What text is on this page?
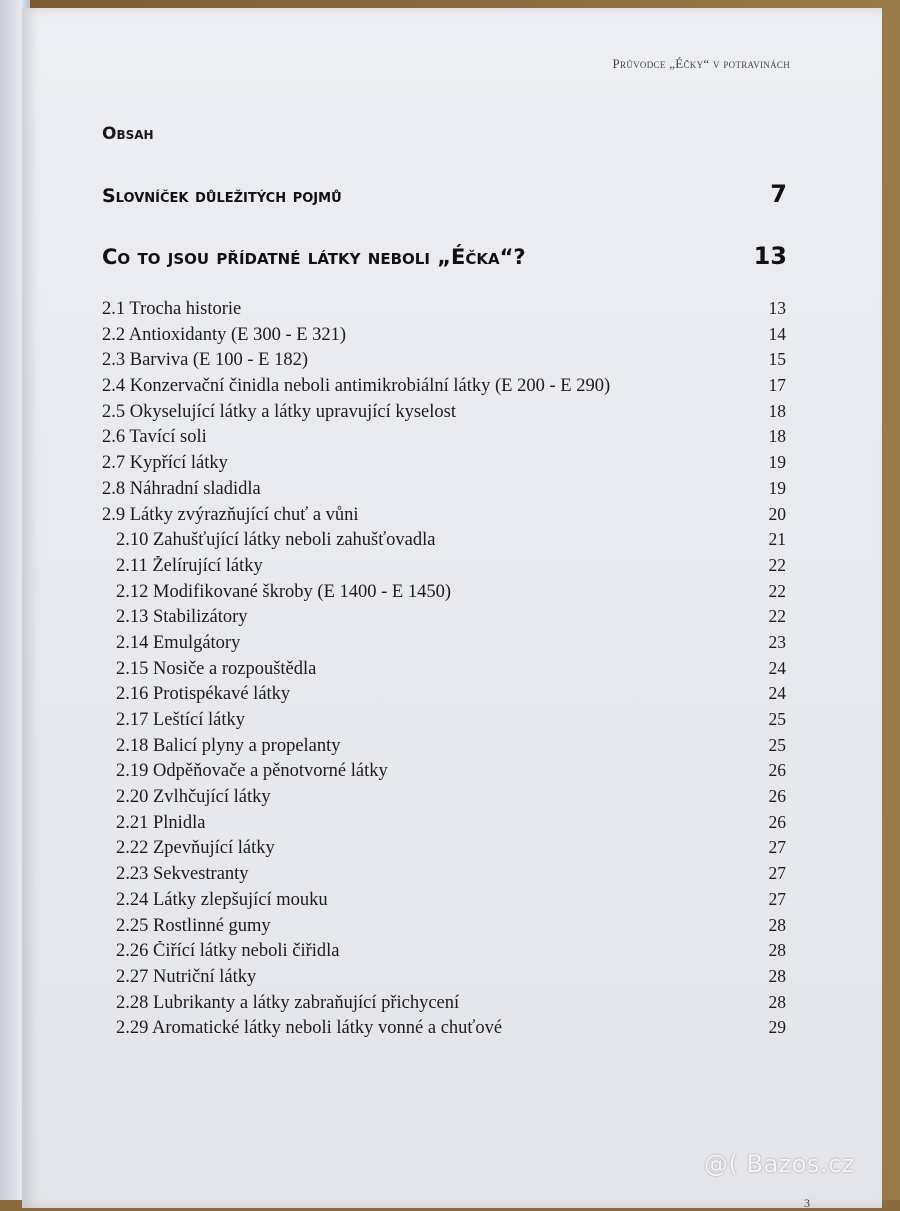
Průvodce „Éčky“ v potravinách
Obsah
Slovníček důležitých pojmů	7
Co to jsou přídatné látky neboli „Éčka“?	13
2.1 Trocha historie	13
2.2 Antioxidanty (E 300 - E 321)	14
2.3 Barviva (E 100 - E 182)	15
2.4 Konzervační činidla neboli antimikrobiální látky (E 200 - E 290)	17
2.5 Okyselující látky a látky upravující kyselost	18
2.6 Tavící soli	18
2.7 Kypřící látky	19
2.8 Náhradní sladidla	19
2.9 Látky zvýrazňující chuť a vůni	20
2.10 Zahušťující látky neboli zahušťovadla	21
2.11 Želírující látky	22
2.12 Modifikované škroby (E 1400 - E 1450)	22
2.13 Stabilizátory	22
2.14 Emulgátory	23
2.15 Nosiče a rozpouštědla	24
2.16 Protispékavé látky	24
2.17 Leštící látky	25
2.18 Balicí plyny a propelanty	25
2.19 Odpěňovače a pěnotvorné látky	26
2.20 Zvlhčující látky	26
2.21 Plnidla	26
2.22 Zpevňující látky	27
2.23 Sekvestranty	27
2.24 Látky zlepšující mouku	27
2.25 Rostlinné gumy	28
2.26 Čiřící látky neboli čiřidla	28
2.27 Nutriční látky	28
2.28 Lubrikanty a látky zabraňující přichycení	28
2.29 Aromatické látky neboli látky vonné a chuťové	29
3
@( Bazos.cz
